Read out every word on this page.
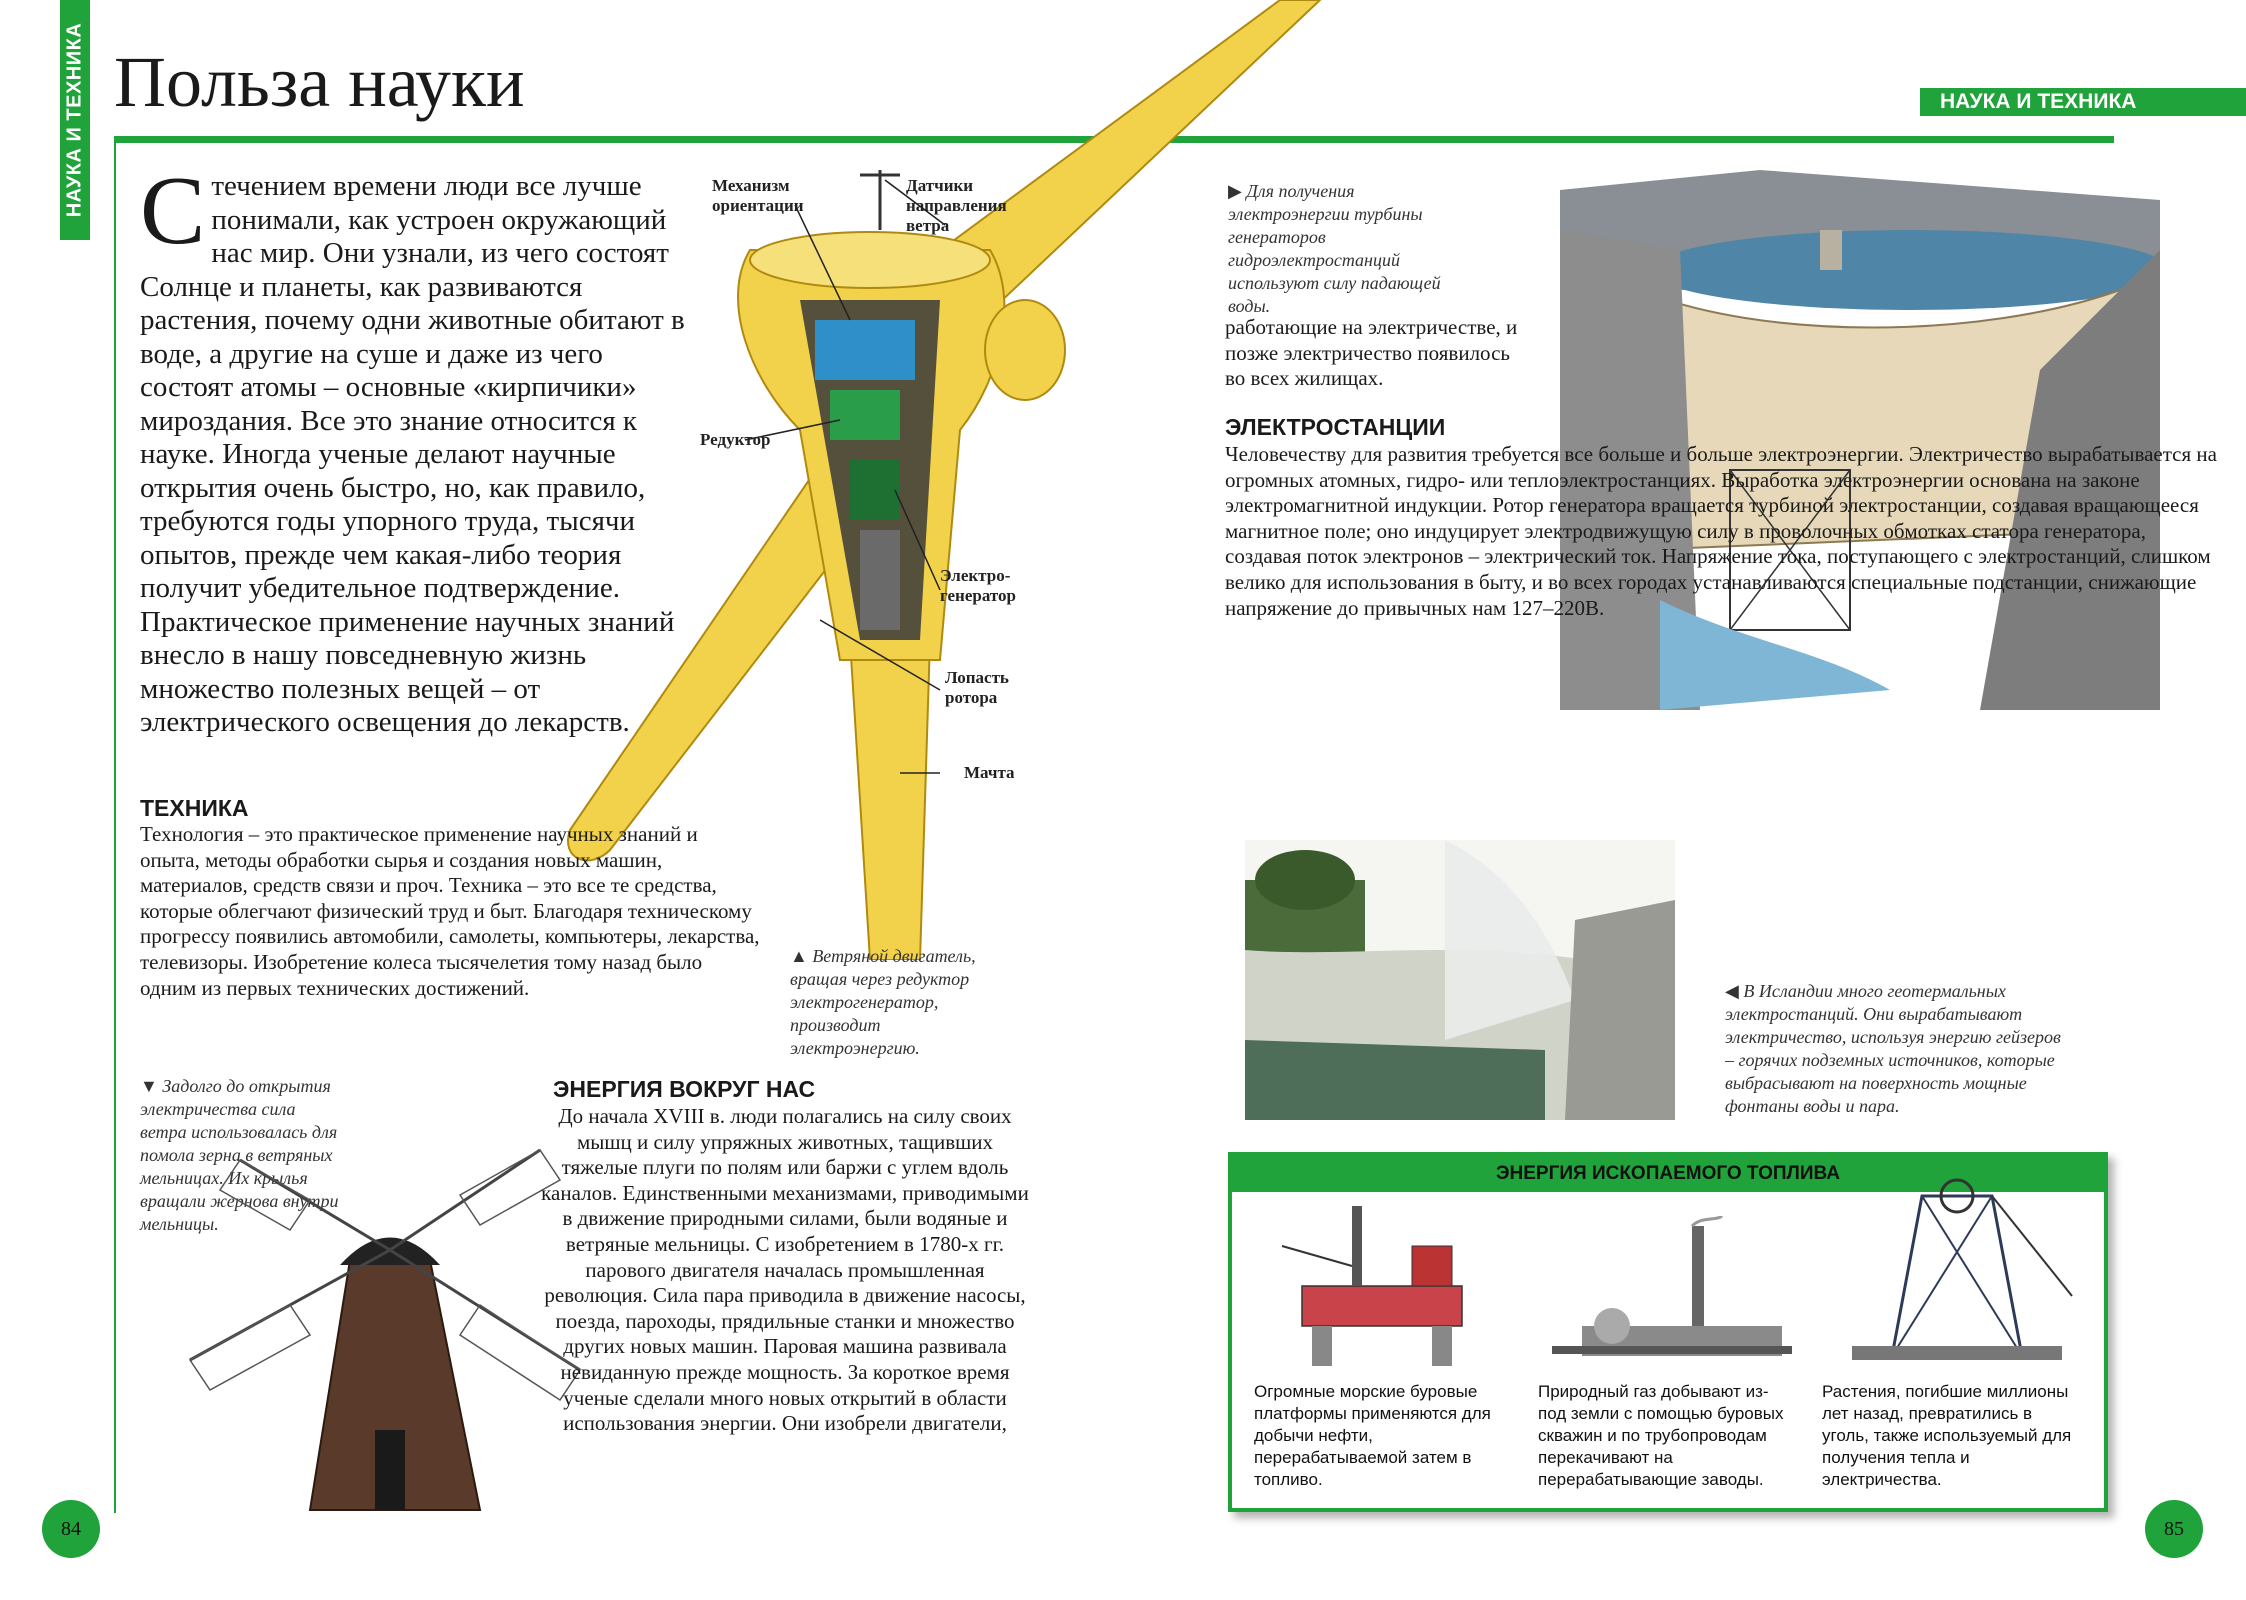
НАУКА И ТЕХНИКА Польза науки	НАУКА И ТЕХНИКА
С течением времени люди все лучше понимали, как устроен окружающий нас мир. Они узнали, из чего состоят Солнце и планеты, как развиваются растения, почему одни животные обитают в воде, а другие на суше и даже из чего состоят атомы – основные «кирпичики» мироздания. Все это знание относится к науке. Иногда ученые делают научные открытия очень быстро, но, как правило, требуются годы упорного труда, тысячи опытов, прежде чем какая-либо теория получит убедительное подтверждение. Практическое применение научных знаний внесло в нашу повседневную жизнь множество полезных вещей – от электрического освещения до лекарств.
Механизм ориентации
Датчики направления ветра
Редуктор
Электро-генератор
Лопасть ротора
Мачта
▲ Ветряной двигатель, вращая через редуктор электрогенератор, производит электроэнергию.
ТЕХНИКА
Технология – это практическое применение научных знаний и опыта, методы обработки сырья и создания новых машин, материалов, средств связи и проч. Техника – это все те средства, которые облегчают физический труд и быт. Благодаря техническому прогрессу появились автомобили, самолеты, компьютеры, лекарства, телевизоры. Изобретение колеса тысячелетия тому назад было одним из первых технических достижений.
▼ Задолго до открытия электричества сила ветра использовалась для помола зерна в ветряных мельницах. Их крылья вращали жернова внутри мельницы.
ЭНЕРГИЯ ВОКРУГ НАС
До начала XVIII в. люди полагались на силу своих мышц и силу упряжных животных, тащивших тяжелые плуги по полям или баржи с углем вдоль каналов. Единственными механизмами, приводимыми в движение природными силами, были водяные и ветряные мельницы. С изобретением в 1780-х гг. парового двигателя началась промышленная революция. Сила пара приводила в движение насосы, поезда, пароходы, прядильные станки и множество других новых машин. Паровая машина развивала невиданную прежде мощность. За короткое время ученые сделали много новых открытий в области использования энергии. Они изобрели двигатели,
▶ Для получения электроэнергии турбины генераторов гидроэлектростанций используют силу падающей воды.
работающие на электричестве, и позже электричество появилось во всех жилищах.
ЭЛЕКТРОСТАНЦИИ
Человечеству для развития требуется все больше и больше электроэнергии. Электричество вырабатывается на огромных атомных, гидро- или теплоэлектростанциях. Выработка электроэнергии основана на законе электромагнитной индукции. Ротор генератора вращается турбиной электростанции, создавая вращающееся магнитное поле; оно индуцирует электродвижущую силу в проволочных обмотках статора генератора, создавая поток электронов – электрический ток. Напряжение тока, поступающего с электростанций, слишком велико для использования в быту, и во всех городах устанавливаются специальные подстанции, снижающие напряжение до привычных нам 127–220В.
◀ В Исландии много геотермальных электростанций. Они вырабатывают электричество, используя энергию гейзеров – горячих подземных источников, которые выбрасывают на поверхность мощные фонтаны воды и пара.
ЭНЕРГИЯ ИСКОПАЕМОГО ТОПЛИВА
Огромные морские буровые платформы применяются для добычи нефти, перерабатываемой затем в топливо.
Природный газ добывают из-под земли с помощью буровых скважин и по трубопроводам перекачивают на перерабатывающие заводы.
Растения, погибшие миллионы лет назад, превратились в уголь, также используемый для получения тепла и электричества.
84	85
